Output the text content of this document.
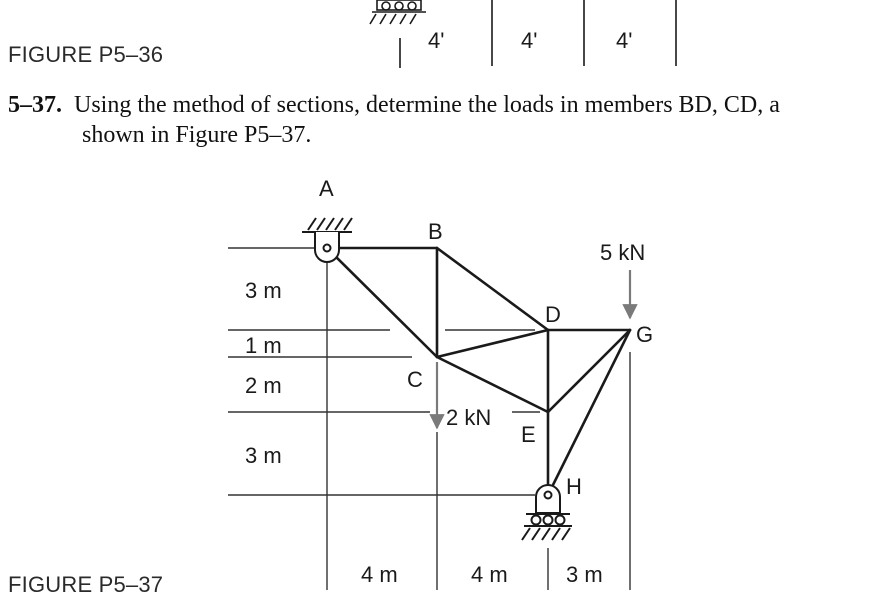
FIGURE P5–36
5–37. Using the method of sections, determine the loads in members BD, CD, a
shown in Figure P5–37.
FIGURE P5–37
4'	4'	4'
3 m
1 m
2 m
3 m
4 m	4 m	3 m
5 kN
2 kN
A
B
C
D
E
G
H
